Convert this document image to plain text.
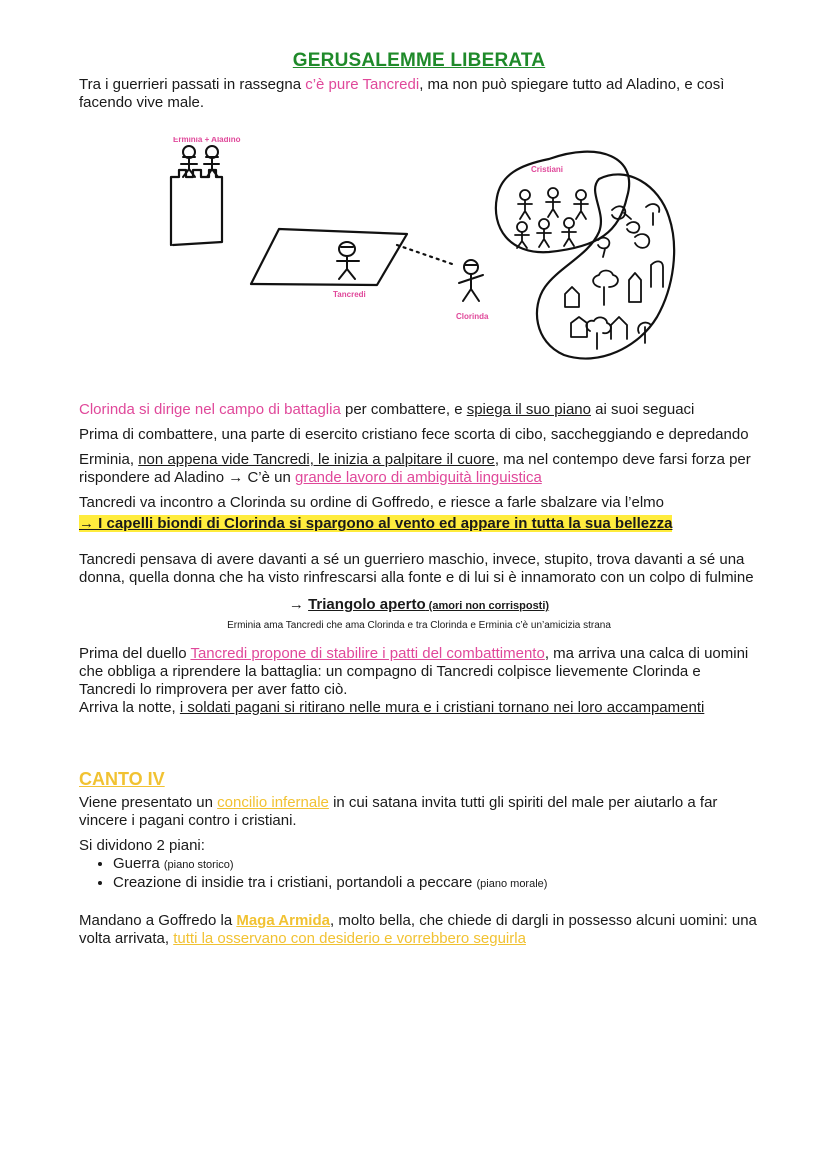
GERUSALEMME LIBERATA

Tra i guerrieri passati in rassegna c’è pure Tancredi, ma non può spiegare tutto ad Aladino, e così facendo vive male.

Erminia + Aladino
Tancredi
Clorinda
Cristiani

Clorinda si dirige nel campo di battaglia per combattere, e spiega il suo piano ai suoi seguaci

Prima di combattere, una parte di esercito cristiano fece scorta di cibo, saccheggiando e depredando

Erminia, non appena vide Tancredi, le inizia a palpitare il cuore, ma nel contempo deve farsi forza per rispondere ad Aladino → C’è un grande lavoro di ambiguità linguistica

Tancredi va incontro a Clorinda su ordine di Goffredo, e riesce a farle sbalzare via l’elmo

→ I capelli biondi di Clorinda si spargono al vento ed appare in tutta la sua bellezza

Tancredi pensava di avere davanti a sé un guerriero maschio, invece, stupito, trova davanti a sé una donna, quella donna che ha visto rinfrescarsi alla fonte e di lui si è innamorato con un colpo di fulmine

→ Triangolo aperto (amori non corrisposti)

Erminia ama Tancredi che ama Clorinda e tra Clorinda e Erminia c’è un’amicizia strana

Prima del duello Tancredi propone di stabilire i patti del combattimento, ma arriva una calca di uomini che obbliga a riprendere la battaglia: un compagno di Tancredi colpisce lievemente Clorinda e Tancredi lo rimprovera per aver fatto ciò.

Arriva la notte, i soldati pagani si ritirano nelle mura e i cristiani tornano nei loro accampamenti

CANTO IV

Viene presentato un concilio infernale in cui satana invita tutti gli spiriti del male per aiutarlo a far vincere i pagani contro i cristiani.

Si dividono 2 piani:

• Guerra (piano storico)
• Creazione di insidie tra i cristiani, portandoli a peccare (piano morale)

Mandano a Goffredo la Maga Armida, molto bella, che chiede di dargli in possesso alcuni uomini: una volta arrivata, tutti la osservano con desiderio e vorrebbero seguirla
